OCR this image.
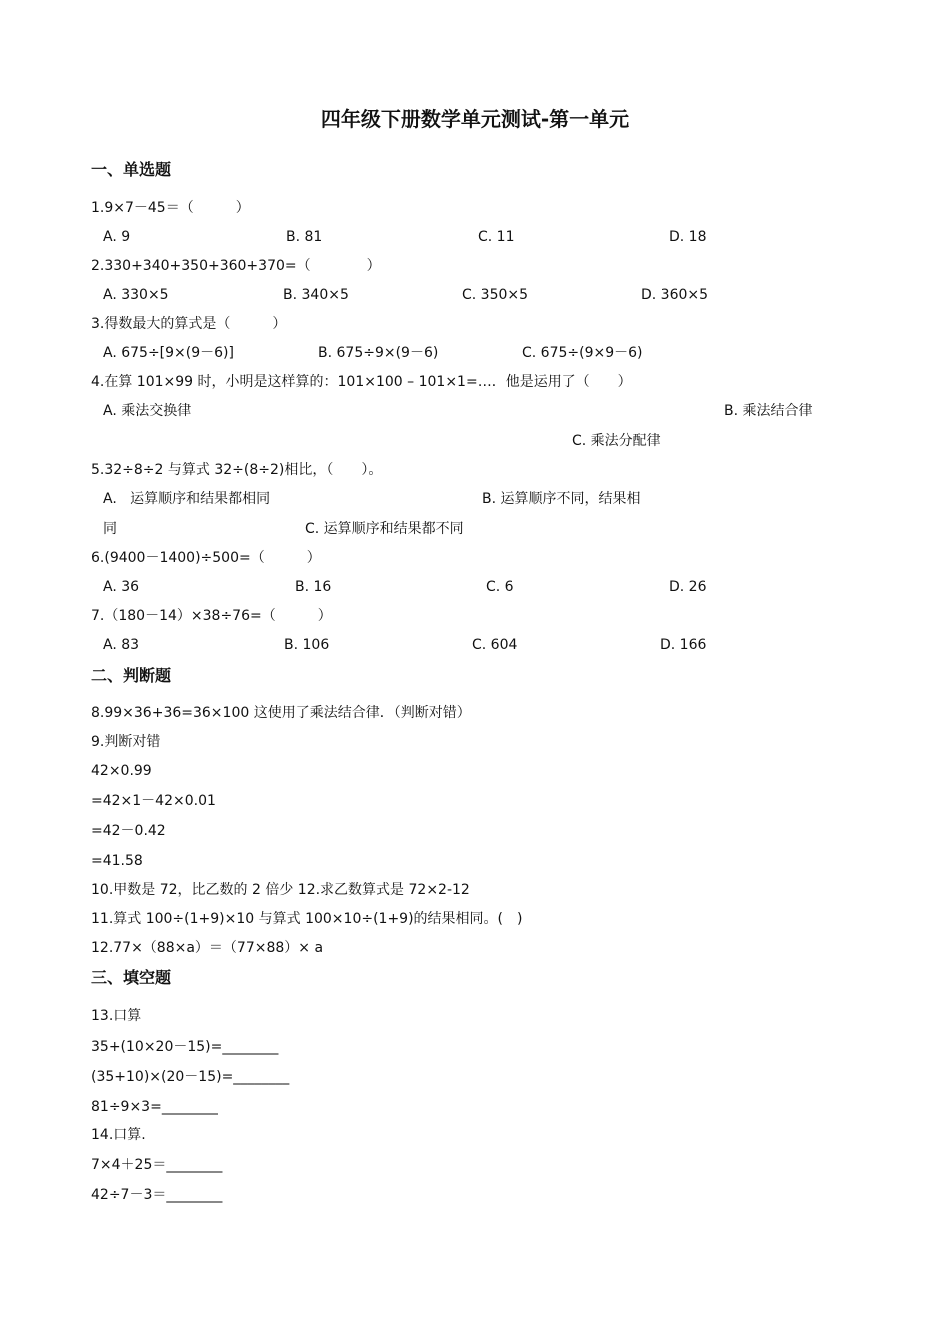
四年级下册数学单元测试-第一单元
一、单选题
1.9×7－45＝（　　　）
A. 9	B. 81	C. 11	D. 18
2.330+340+350+360+370=（　　　　）
A. 330×5	B. 340×5	C. 350×5	D. 360×5
3.得数最大的算式是（　　　）
A. 675÷[9×(9－6)]	B. 675÷9×(9－6)	C. 675÷(9×9－6)
4.在算 101×99 时，小明是这样算的：101×100 – 101×1=…．他是运用了（　　）
A. 乘法交换律	B. 乘法结合律
C. 乘法分配律
5.32÷8÷2 与算式 32÷(8÷2)相比，（　　）。
A.   运算顺序和结果都相同	B. 运算顺序不同，结果相
同	C. 运算顺序和结果都不同
6.(9400－1400)÷500=（　　　）
A. 36	B. 16	C. 6	D. 26
7.（180－14）×38÷76=（　　　）
A. 83	B. 106	C. 604	D. 166
二、判断题
8.99×36+36=36×100 这使用了乘法结合律．（判断对错）
9.判断对错
42×0.99
=42×1－42×0.01
=42－0.42
=41.58
10.甲数是 72，比乙数的 2 倍少 12.求乙数算式是 72×2-12
11.算式 100÷(1+9)×10 与算式 100×10÷(1+9)的结果相同。(　)
12.77×（88×a）＝（77×88）× a
三、填空题
13.口算
35+(10×20－15)=________
(35+10)×(20－15)=________
81÷9×3=________
14.口算.
7×4＋25＝________
42÷7－3＝________
